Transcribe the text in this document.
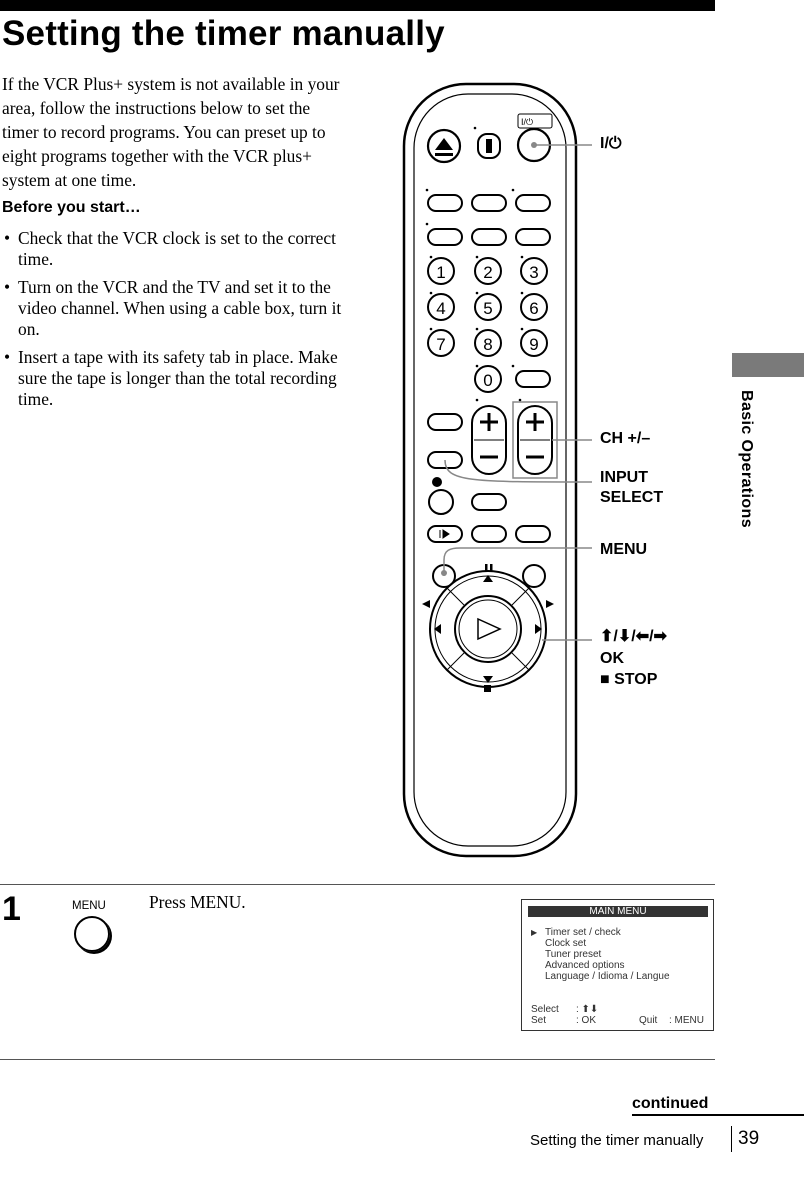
Setting the timer manually

If the VCR Plus+ system is not available in your area, follow the instructions below to set the timer to record programs. You can preset up to eight programs together with the VCR plus+ system at one time.

Before you start…
• Check that the VCR clock is set to the correct time.
• Turn on the VCR and the TV and set it to the video channel. When using a cable box, turn it on.
• Insert a tape with its safety tab in place. Make sure the tape is longer than the total recording time.	Basic Operations
I/⏻
1 2 3
4 5 6
7 8 9
0
I/⏻
CH +/–
INPUT SELECT
MENU
⬆/⬇/⬅/➡
OK
■ STOP
1	MENU Press MENU.	MAIN MENU
▶ Timer set / check
Clock set
Tuner preset
Advanced options
Language / Idioma / Langue
Select : ⬆⬇
Set	: OK	Quit : MENU
continued
Setting the timer manually 39
